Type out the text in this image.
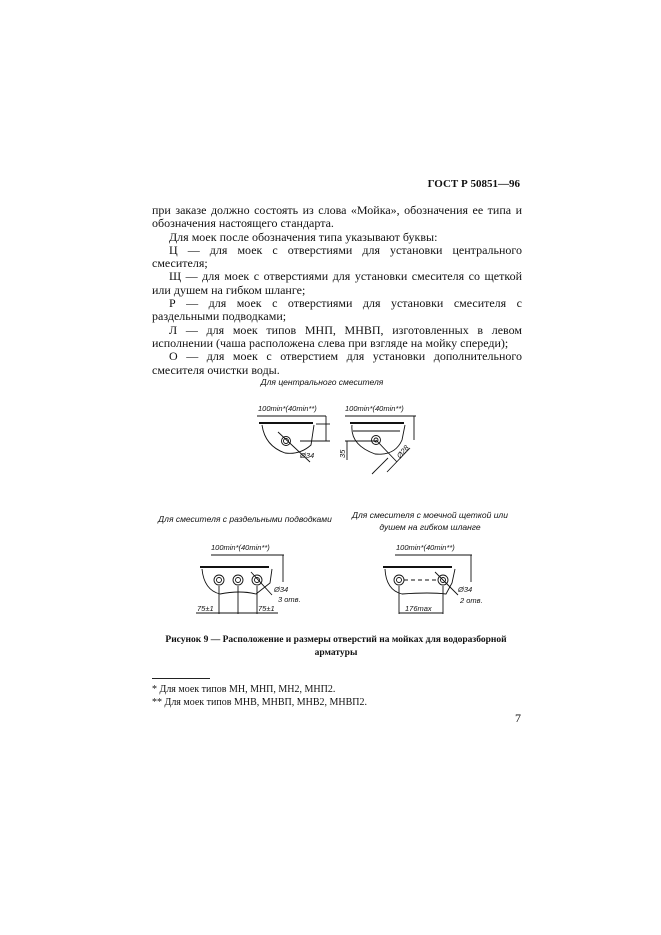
ГОСТ Р 50851—96

при заказе должно состоять из слова «Мойка», обозначения ее типа и обозначения настоящего стандарта.

Для моек после обозначения типа указывают буквы:

Ц — для моек с отверстиями для установки центрального смесителя;

Щ — для моек с отверстиями для установки смесителя со щеткой или душем на гибком шланге;

Р — для моек с отверстиями для установки смесителя с раздельными подводками;

Л — для моек типов МНП, МНВП, изготовленных в левом исполнении (чаша расположена слева при взгляде на мойку спереди);

О — для моек с отверстием для установки дополнительного смесителя очистки воды.

Для центрального смесителя
Для смесителя с раздельными подводками	Для смесителя с моечной щеткой или
душем на гибком шланге
Ø34
100min*(40min**)
35	Ø28
100min*(40min**)
Ø34
3 отв.
75±1	75±1
100min*(40min**)
Ø34
2 отв.
176max
100min*(40min**)
Рисунок 9 — Расположение и размеры отверстий на мойках для водоразборной
арматуры
* Для моек типов МН, МНП, МН2, МНП2.
** Для моек типов МНВ, МНВП, МНВ2, МНВП2.
7
